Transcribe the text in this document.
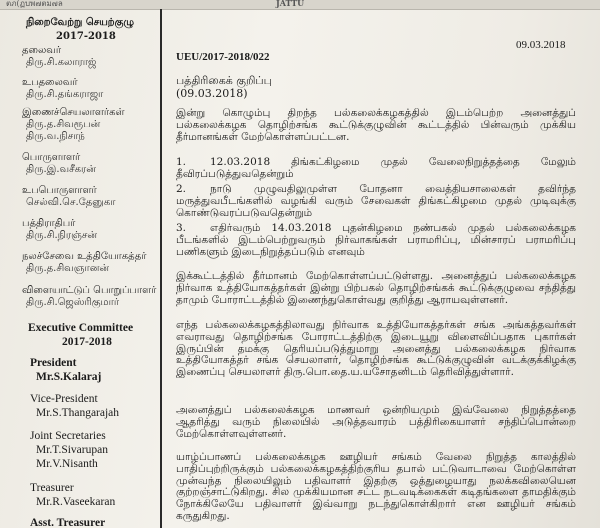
ตภ(ฏบพ๗ตม๗ล	JATTU
நிறைவேற்று செயற்குழு
2017-2018
தலைவர்
திரு.சி.கலாராஜ்
உபதலைவர்
திரு.சி.தங்கராஜா
இணைச்செயலாளர்கள்
திரு.த.சிவரூபன்
திரு.வ.நிசாந்
பொருளாளர்
திரு.இ.வசீகரன்
உபபொருளாளர்
செல்வி.செ.தேனுகா
பத்திராதிபர்
திரு.சி.நிரஞ்சன்
நலச்சேவை உத்தியோகத்தர்
திரு.த.சிவஞானன்
விளையாட்டுப் பொறுப்பாளர்
திரு.சி.ஜெஸ்ரிகுமார்
Executive Committee
2017-2018
President
Mr.S.Kalaraj
Vice-President
Mr.S.Thangarajah
Joint Secretaries
Mr.T.Sivarupan
Mr.V.Nisanth
Treasurer
Mr.R.Vaseekaran
Asst. Treasurer
09.03.2018
UEU/2017-2018/022
பத்திரிகைக் குறிப்பு
(09.03.2018)
இன்று கொழும்பு திறந்த பல்கலைக்கழகத்தில் இடம்பெற்ற அனைத்துப் பல்கலைக்கழக தொழிற்சங்க கூட்டுக்குழுவின் கூட்டத்தில் பின்வரும் முக்கிய தீர்மானங்கள் மேற்கொள்ளப்பட்டன.
1. 12.03.2018 திங்கட்கிழமை முதல் வேலைநிறுத்தத்தை மேலும் தீவிரப்படுத்துவதென்றும்
2. நாடு முழுவதிலுமுள்ள போதனா வைத்தியசாலைகள் தவிர்ந்த மருத்துவபீடங்களில் வழங்கி வரும் சேவைகள் திங்கட்கிழமை முதல் முடிவுக்கு கொண்டுவரப்படுவதென்றும்
3. எதிர்வரும் 14.03.2018 புதன்கிழமை நண்பகல் முதல் பல்கலைக்கழக பீடங்களில் இடம்பெற்றுவரும் நிர்வாகங்கள் பராமரிப்பு, மின்சாரப் பராமரிப்பு பணிகளும் இடைநிறுத்தப்படும் எனவும்
இக்கூட்டத்தில் தீர்மானம் மேற்கொள்ளப்பட்டுள்ளது. அனைத்துப் பல்கலைக்கழக நிர்வாக உத்தியோகத்தர்கள் இன்று பிற்பகல் தொழிற்சங்கக் கூட்டுக்குழுவை சந்தித்து தாமும் போராட்டத்தில் இணைந்துகொள்வது குறித்து ஆராயவுள்ளனர்.
எந்த பல்கலைக்கழகத்திலாவது நிர்வாக உத்தியோகத்தர்கள் சங்க அங்கத்தவர்கள் எவராவது தொழிற்சங்க போராட்டத்திற்கு இடையூறு விளைவிப்பதாக புகார்கள் இருப்பின் தமக்கு தெரியப்படுத்துமாறு அனைத்து பல்கலைக்கழக நிர்வாக உத்தியோகத்தர் சங்க செயலாளர், தொழிற்சங்க கூட்டுக்குழுவின் வடக்குக்கிழக்கு இணைப்பு செயலாளர் திரு.பொ.தை.ய.யசோதனிடம் தெரிவித்துள்ளார்.
அனைத்துப் பல்கலைக்கழக மாணவர் ஒன்றியமும் இவ்வேலை நிறுத்தத்தை ஆதரித்து வரும் நிலையில் அடுத்தவாரம் பத்திரிகையாளர் சந்திப்பொன்றை மேற்கொள்ளவுள்ளனர்.
யாழ்ப்பாணப் பல்கலைக்கழக ஊழியர் சங்கம் வேலை நிறுத்த காலத்தில் பாதிப்புற்றிருக்கும் பல்கலைக்கழகத்திற்குரிய தபால் பட்டுவாடாவை மேற்கொள்ள முன்வந்த நிலையிலும் பதிவாளர் இதற்கு ஒத்துழையாது நலக்கவிலையென குற்றஞ்சாட்டுகிறது. சில முக்கியமான சட்ட நடவடிக்கைகள் கடிதங்களை தாமதிக்கும் நோக்கிலேயே பதிவாளர் இவ்வாறு நடந்துகொள்கிறார் என ஊழியர் சங்கம் கருதுகிறது.
